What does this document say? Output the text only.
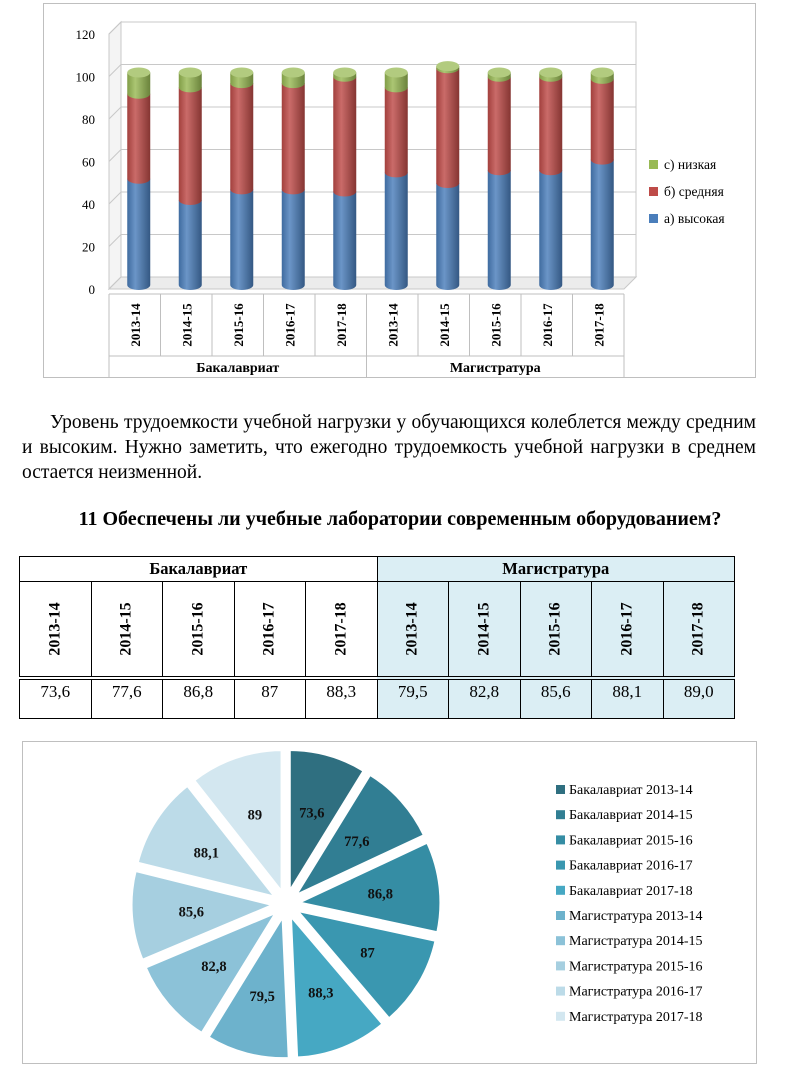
0
20
40
60
80
100
120
2013-14	2014-15	2015-16	2016-17	2017-18	2013-14	2014-15	2015-16	2016-17	2017-18
Бакалавриат	Магистратура
с) низкая
б) средняя
а) высокая

Уровень трудоемкости учебной нагрузки у обучающихся колеблется между средним и высоким. Нужно заметить, что ежегодно трудоемкость учебной нагрузки в среднем остается неизменной.

11 Обеспечены ли учебные лаборатории современным оборудованием?

Бакалавриат					Магистратура				
2013-14	2014-15	2015-16	2016-17	2017-18	2013-14	2014-15	2015-16	2016-17	2017-18

73,6	77,6	86,8	87	88,3	79,5	82,8	85,6	88,1	89,0
73,6
77,6
86,8
87
88,3
79,5
82,8
85,6
88,1
89
Бакалавриат 2013-14
Бакалавриат 2014-15
Бакалавриат 2015-16
Бакалавриат 2016-17
Бакалавриат 2017-18
Магистратура 2013-14
Магистратура 2014-15
Магистратура 2015-16
Магистратура 2016-17
Магистратура 2017-18
